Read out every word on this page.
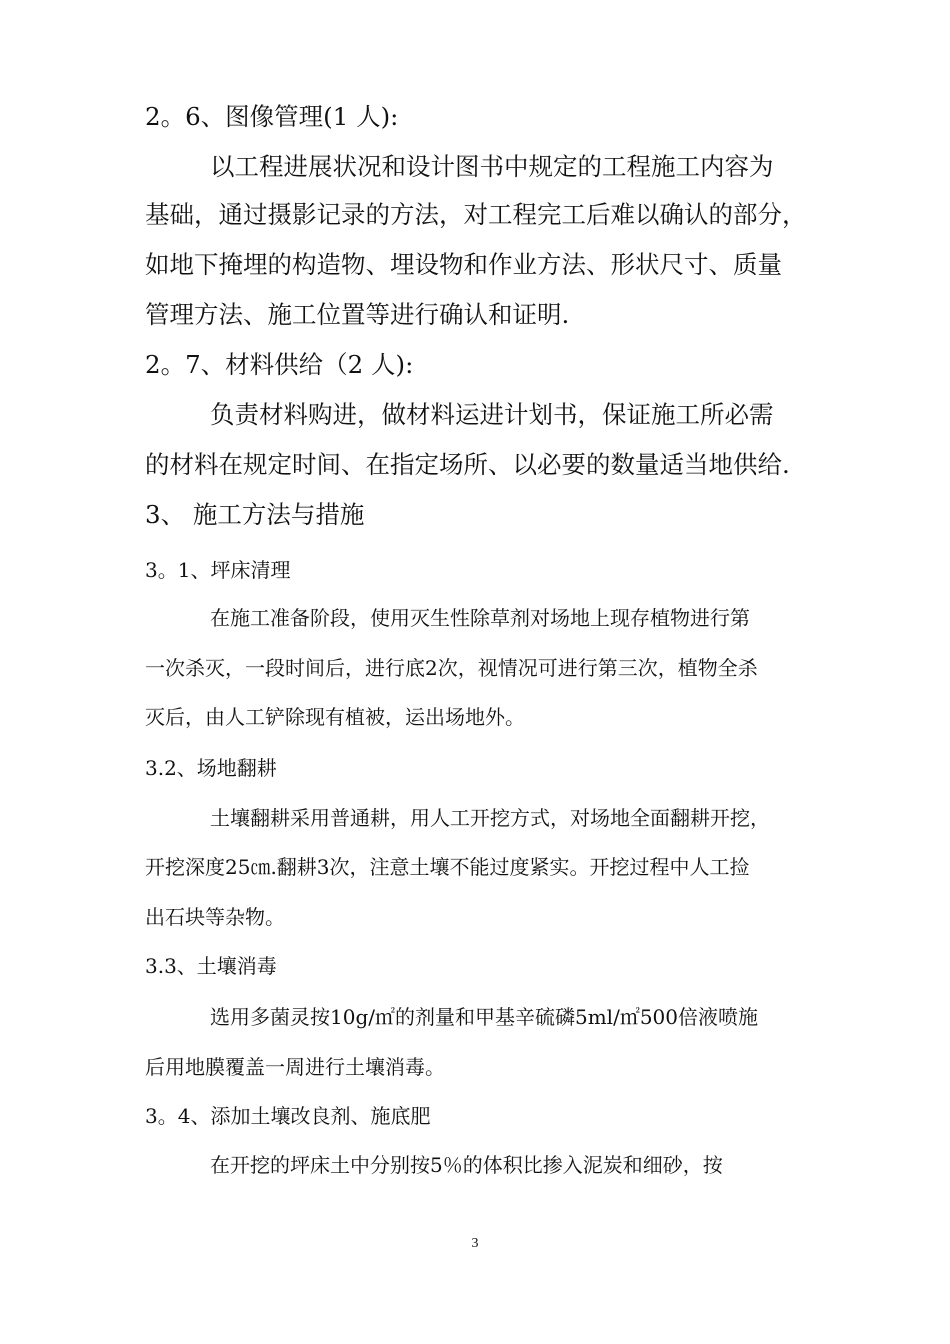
2。6、图像管理(1 人):
以工程进展状况和设计图书中规定的工程施工内容为
基础，通过摄影记录的方法，对工程完工后难以确认的部分，
如地下掩埋的构造物、埋设物和作业方法、形状尺寸、质量
管理方法、施工位置等进行确认和证明.
2。7、材料供给（2 人):
负责材料购进，做材料运进计划书，保证施工所必需
的材料在规定时间、在指定场所、以必要的数量适当地供给.
3、 施工方法与措施
3。1、坪床清理
在施工准备阶段，使用灭生性除草剂对场地上现存植物进行第
一次杀灭，一段时间后，进行底2次，视情况可进行第三次，植物全杀
灭后，由人工铲除现有植被，运出场地外。
3.2、场地翻耕
土壤翻耕采用普通耕，用人工开挖方式，对场地全面翻耕开挖，
开挖深度25㎝.翻耕3次，注意土壤不能过度紧实。开挖过程中人工捡
出石块等杂物。
3.3、土壤消毒
选用多菌灵按10g/㎡的剂量和甲基辛硫磷5ml/㎡500倍液喷施
后用地膜覆盖一周进行土壤消毒。
3。4、添加土壤改良剂、施底肥
在开挖的坪床土中分别按5％的体积比掺入泥炭和细砂，按
3
